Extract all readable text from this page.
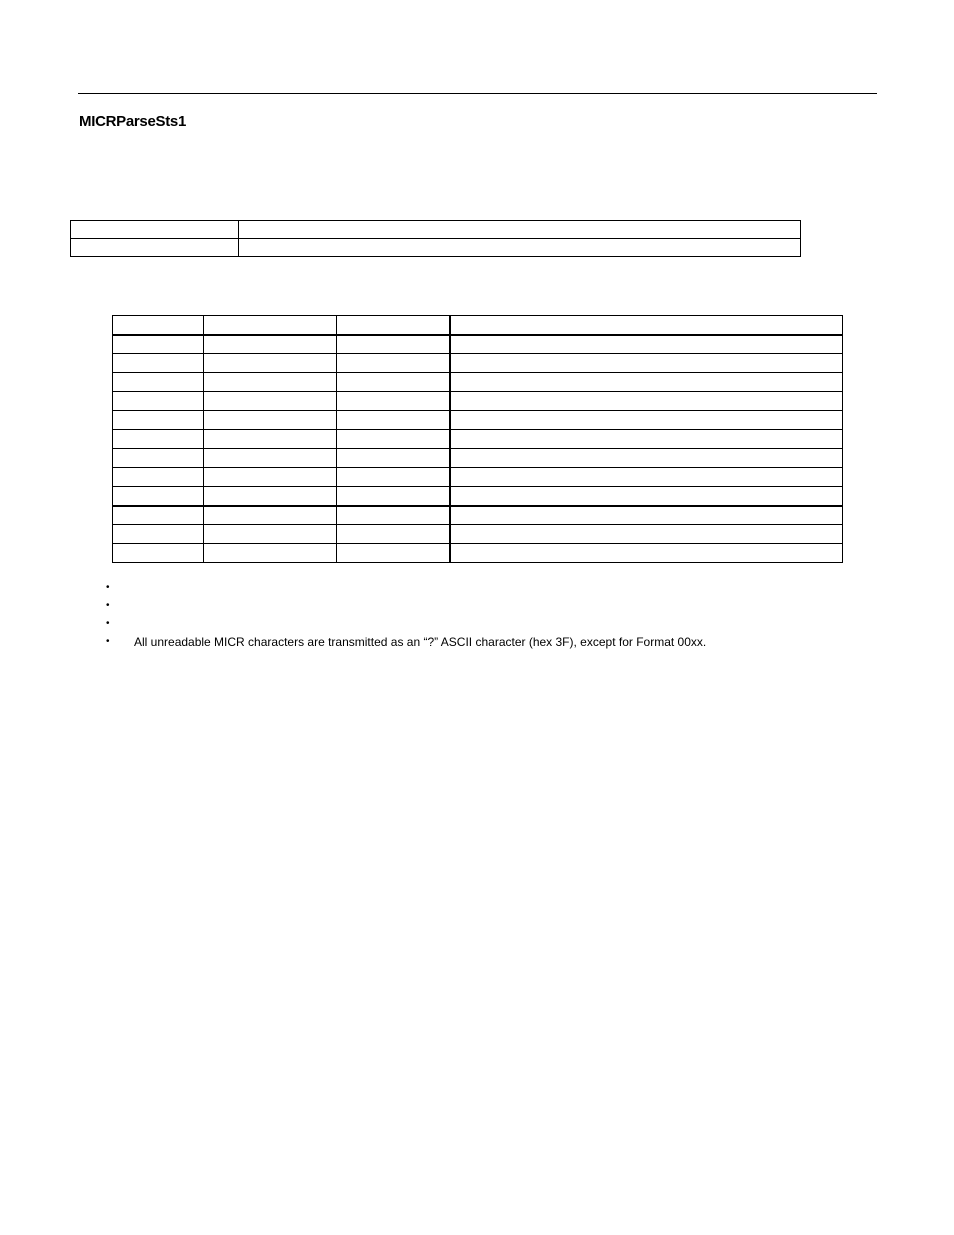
MICRParseSts1

•
•
•
• All unreadable MICR characters are transmitted as an “?” ASCII character (hex 3F), except for Format 00xx.
